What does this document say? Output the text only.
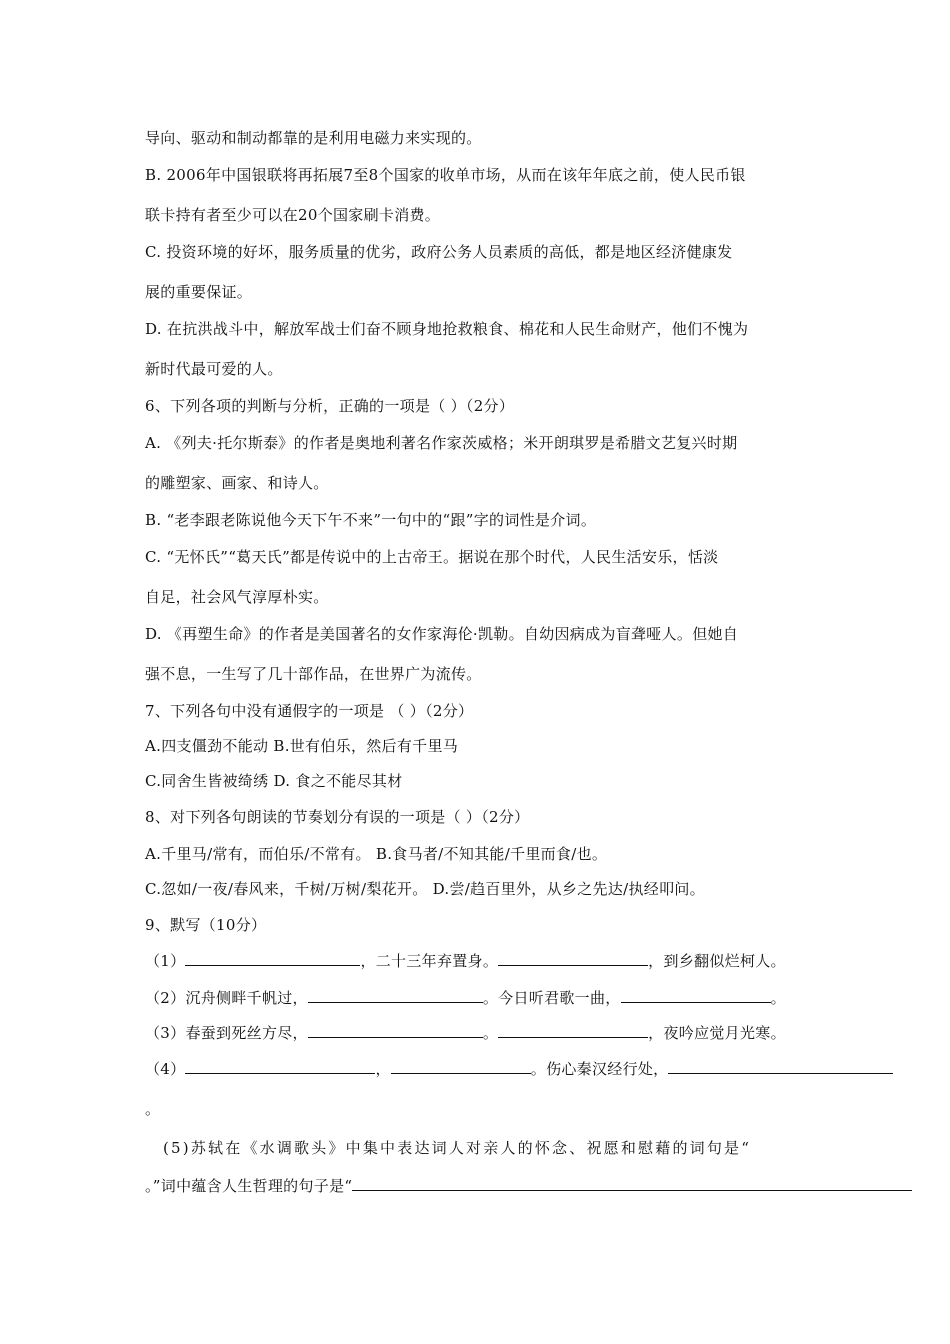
导向、驱动和制动都靠的是利用电磁力来实现的。
B. 2006年中国银联将再拓展7至8个国家的收单市场，从而在该年年底之前，使人民币银
联卡持有者至少可以在20个国家刷卡消费。
C. 投资环境的好坏，服务质量的优劣，政府公务人员素质的高低，都是地区经济健康发
展的重要保证。
D. 在抗洪战斗中，解放军战士们奋不顾身地抢救粮食、棉花和人民生命财产，他们不愧为
新时代最可爱的人。
6、下列各项的判断与分析，正确的一项是（ ）（2分）
A. 《列夫·托尔斯泰》的作者是奥地利著名作家茨威格；米开朗琪罗是希腊文艺复兴时期
的雕塑家、画家、和诗人。
B. “老李跟老陈说他今天下午不来”一句中的“跟”字的词性是介词。
C. “无怀氏”“葛天氏”都是传说中的上古帝王。据说在那个时代，人民生活安乐，恬淡
自足，社会风气淳厚朴实。
D. 《再塑生命》的作者是美国著名的女作家海伦·凯勒。自幼因病成为盲聋哑人。但她自
强不息，一生写了几十部作品，在世界广为流传。
7、下列各句中没有通假字的一项是 （ ）（2分）
A.四支僵劲不能动 B.世有伯乐，然后有千里马
C.同舍生皆被绮绣 D. 食之不能尽其材
8、对下列各句朗读的节奏划分有误的一项是（ ）（2分）
A.千里马/常有，而伯乐/不常有。 B.食马者/不知其能/千里而食/也。
C.忽如/一夜/春风来，千树/万树/梨花开。 D.尝/趋百里外，从乡之先达/执经叩问。
9、默写（10分）
（1）	，二十三年弃置身。	，到乡翻似烂柯人。
（2）沉舟侧畔千帆过，	。今日听君歌一曲，	。
（3）春蚕到死丝方尽，	。	，夜吟应觉月光寒。
（4）	，	。伤心秦汉经行处，
。
(5)苏轼在《水调歌头》中集中表达词人对亲人的怀念、祝愿和慰藉的词句是“
。”词中蕴含人生哲理的句子是“
